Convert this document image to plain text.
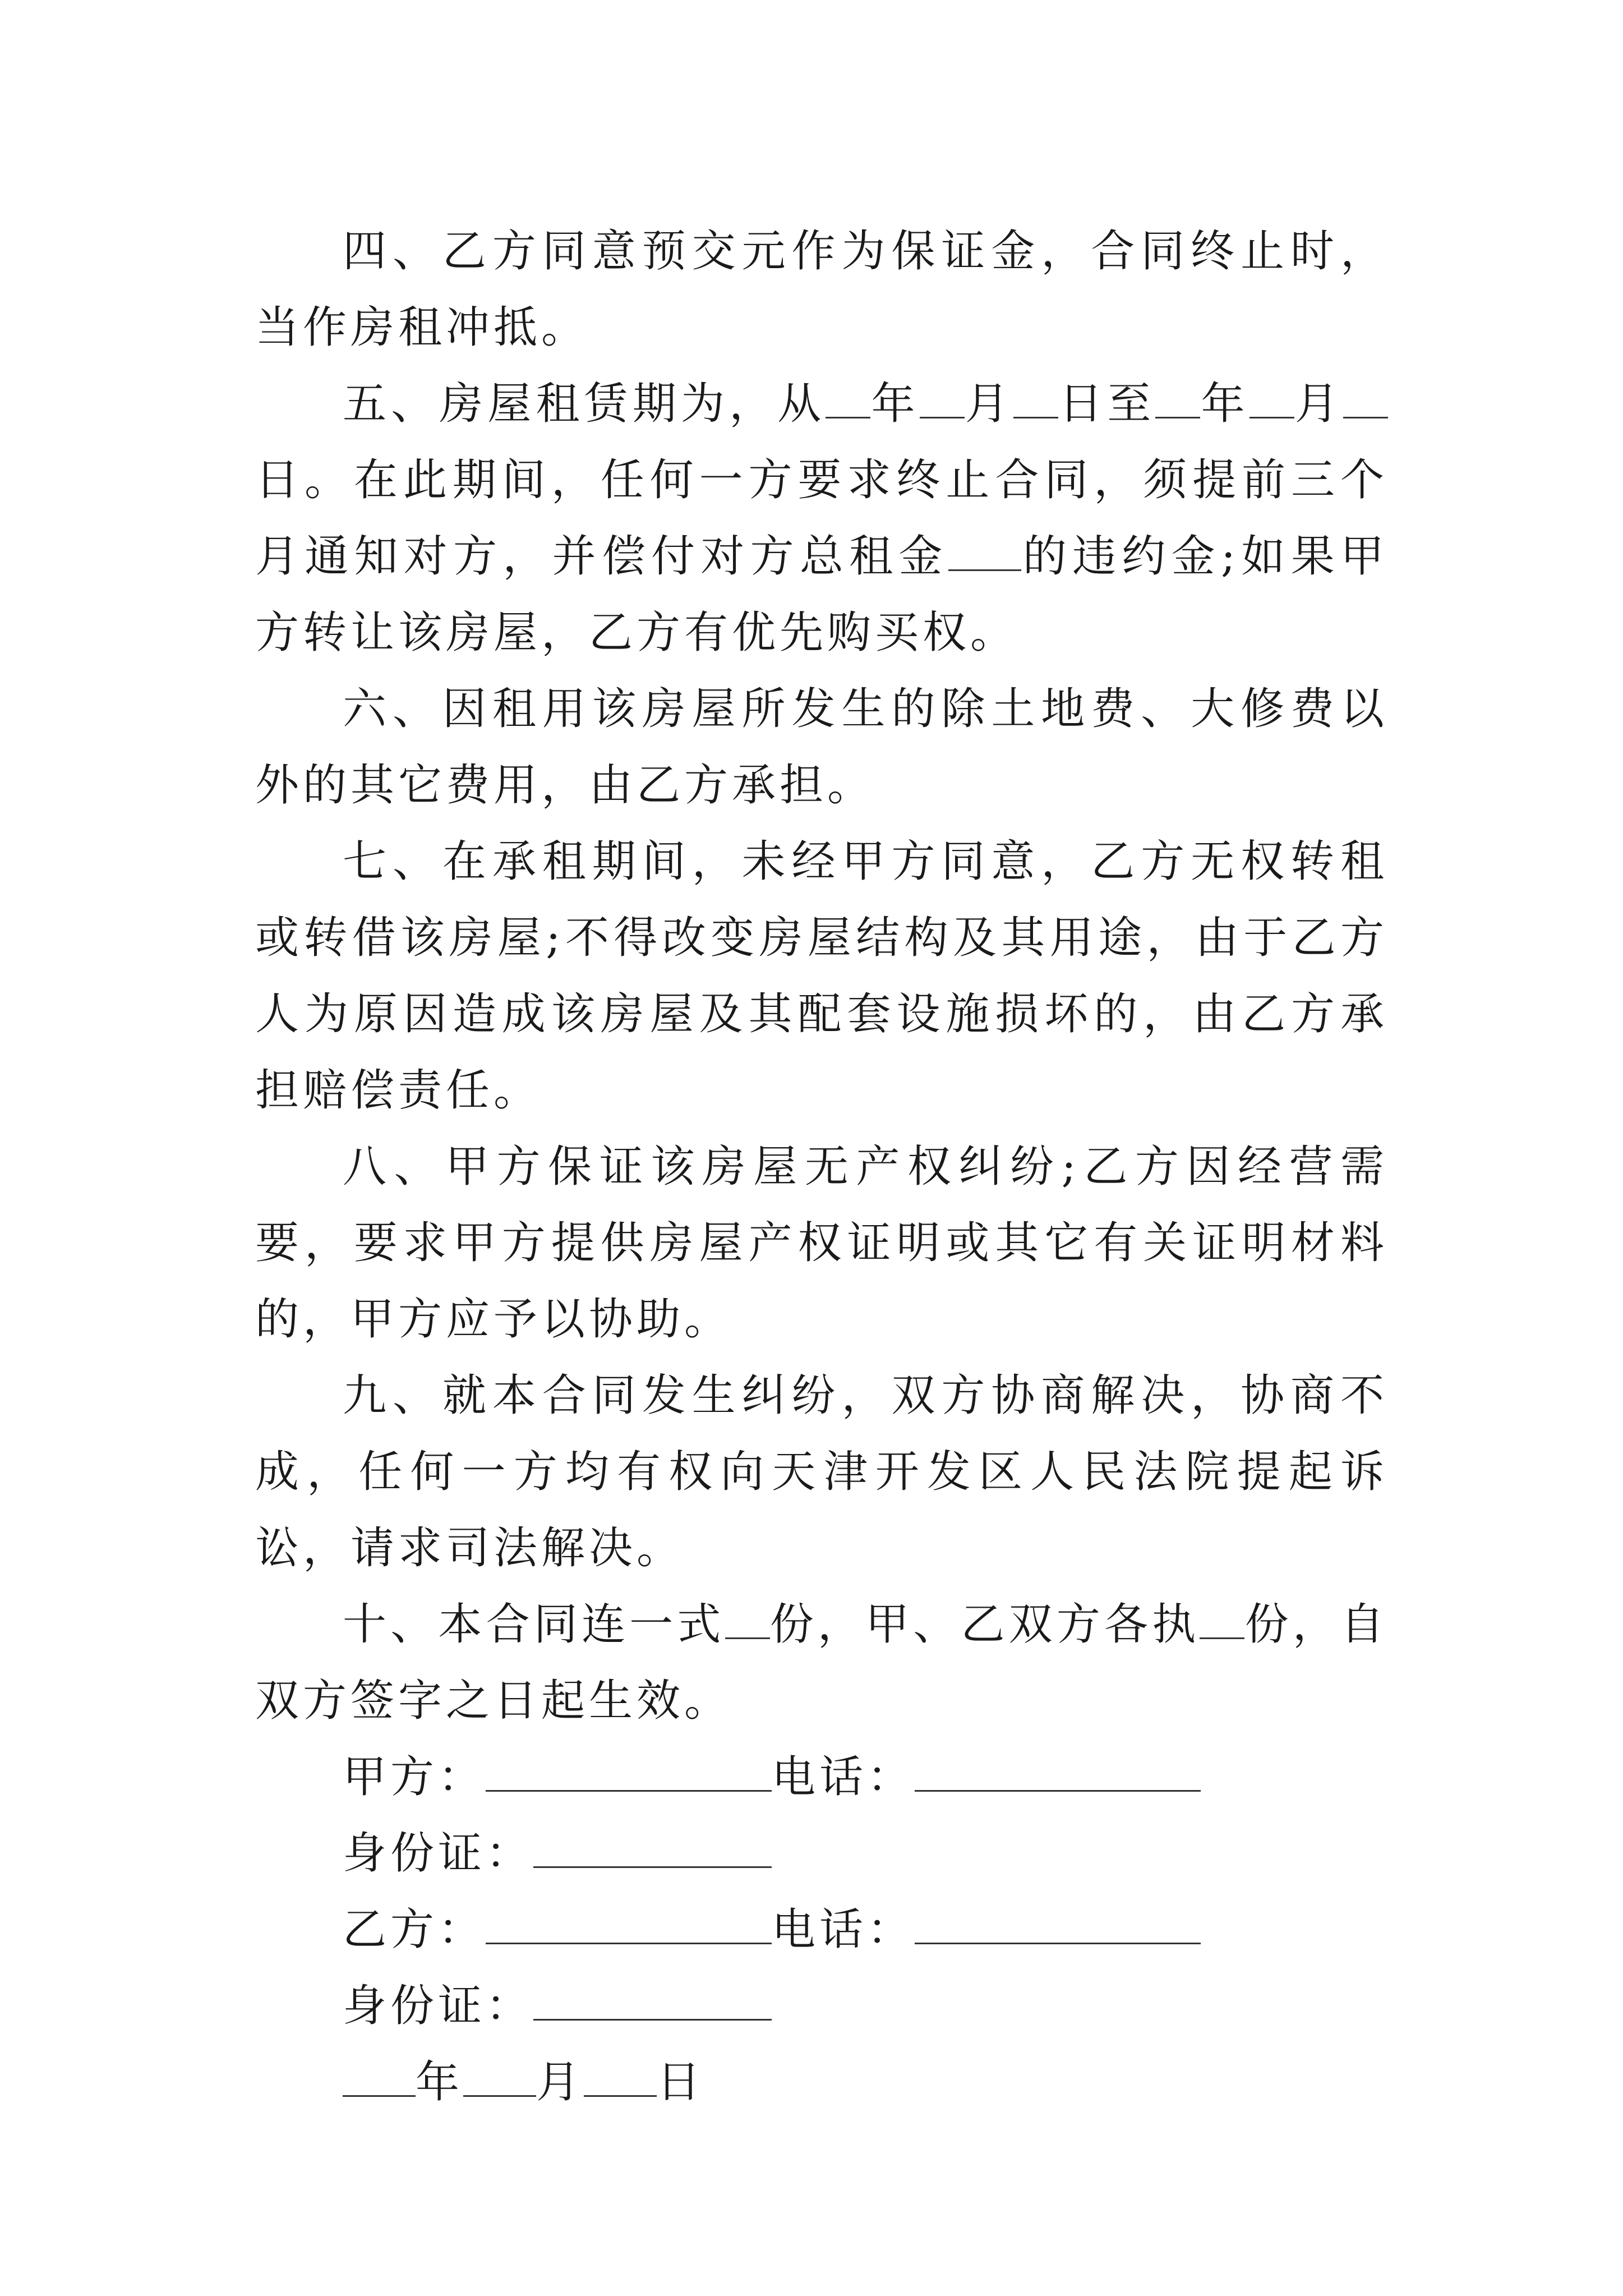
四、乙方同意预交元作为保证金，合同终止时，当作房租冲抵。

五、房屋租赁期为，从 年 月 日至 年 月日。在此期间，任何一方要求终止合同，须提前三个月通知对方，并偿付对方总租金 的违约金;如果甲方转让该房屋，乙方有优先购买权。

六、因租用该房屋所发生的除土地费、大修费以外的其它费用，由乙方承担。

七、在承租期间，未经甲方同意，乙方无权转租或转借该房屋;不得改变房屋结构及其用途，由于乙方人为原因造成该房屋及其配套设施损坏的，由乙方承担赔偿责任。

八、甲方保证该房屋无产权纠纷;乙方因经营需要，要求甲方提供房屋产权证明或其它有关证明材料的，甲方应予以协助。

九、就本合同发生纠纷，双方协商解决，协商不成，任何一方均有权向天津开发区人民法院提起诉讼，请求司法解决。

十、本合同连一式 份，甲、乙双方各执 份，自双方签字之日起生效。

甲方：	电话：

身份证：

乙方：	电话：

身份证：

年 月 日
